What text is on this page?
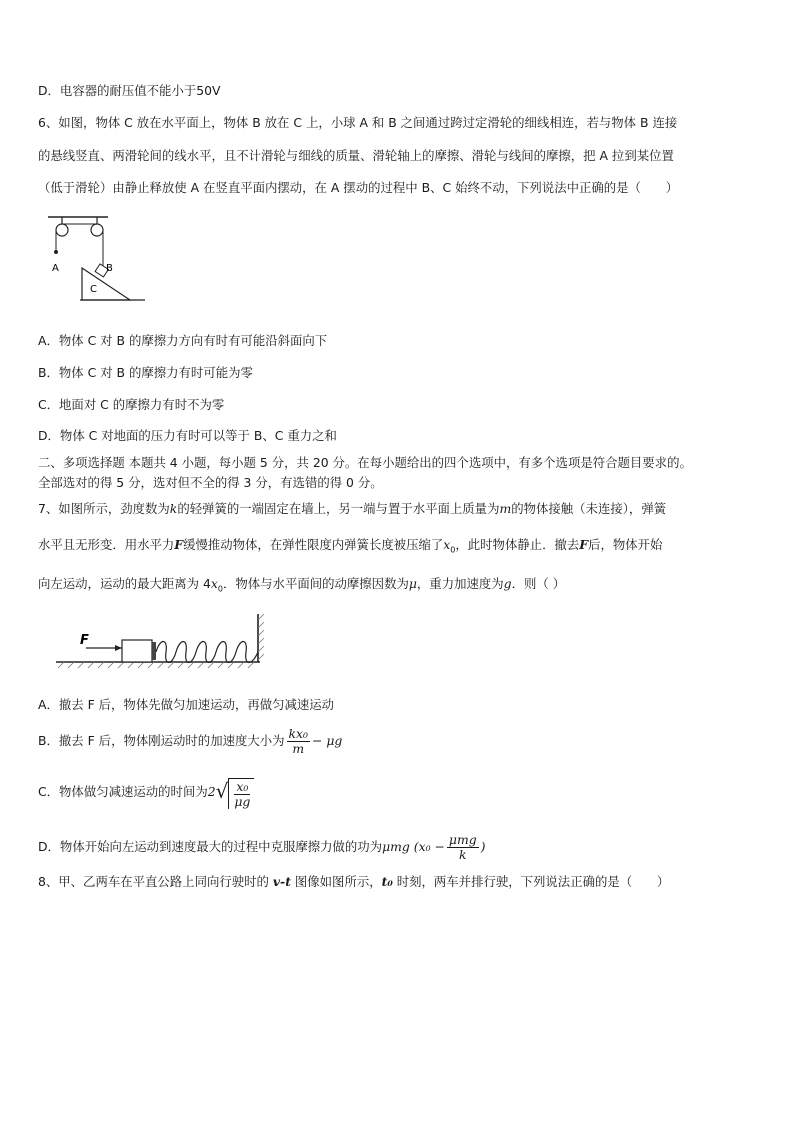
D．电容器的耐压值不能小于50V
6、如图，物体 C 放在水平面上，物体 B 放在 C 上，小球 A 和 B 之间通过跨过定滑轮的细线相连，若与物体 B 连接
的悬线竖直、两滑轮间的线水平，且不计滑轮与细线的质量、滑轮轴上的摩擦、滑轮与线间的摩擦，把 A 拉到某位置
（低于滑轮）由静止释放使 A 在竖直平面内摆动，在 A 摆动的过程中 B、C 始终不动，下列说法中正确的是（　　）
A	B
C
A．物体 C 对 B 的摩擦力方向有时有可能沿斜面向下
B．物体 C 对 B 的摩擦力有时可能为零
C．地面对 C 的摩擦力有时不为零
D．物体 C 对地面的压力有时可以等于 B、C 重力之和
二、多项选择题 本题共 4 小题，每小题 5 分，共 20 分。在每小题给出的四个选项中，有多个选项是符合题目要求的。
全部选对的得 5 分，选对但不全的得 3 分，有选错的得 0 分。
7、如图所示，劲度数为k的轻弹簧的一端固定在墙上，另一端与置于水平面上质量为m的物体接触（未连接），弹簧
水平且无形变．用水平力F缓慢推动物体，在弹性限度内弹簧长度被压缩了$x_0$，此时物体静止．撤去F后，物体开始
向左运动，运动的最大距离为 $4x_0$．物体与水平面间的动摩擦因数为μ，重力加速度为g．则（ ）
F
A．撤去 F 后，物体先做匀加速运动，再做匀减速运动
B．撤去 F 后，物体刚运动时的加速度大小为 $\frac{\text{kx₀}}{m} - \mu g$
C．物体做匀减速运动的时间为$2√ \frac{\text{x₀}}{\mu g}$
D．物体开始向左运动到速度最大的过程中克服摩擦力做的功为μmg ($x_0 - \frac{\text{μmg}}{k}$ )
8、甲、乙两车在平直公路上同向行驶时的 v-t 图像如图所示，t₀ 时刻，两车并排行驶，下列说法正确的是（　　）
